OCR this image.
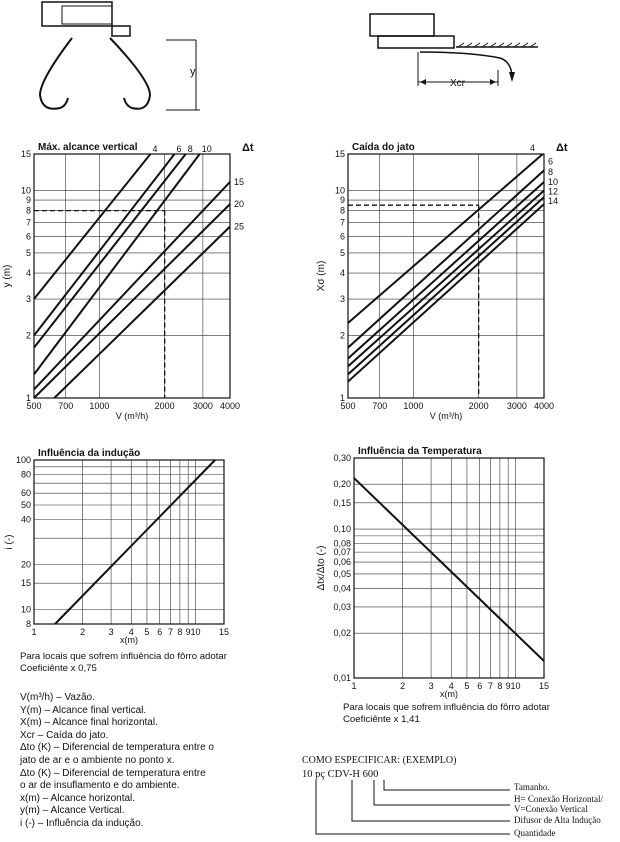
y
Xcr
Máx. alcance vertical
500 700 1000	2000 3000 4000
1
2
3
4
5
6
7
8
9
10
15
V (m³/h)
y (m)
4 6 8 10
15
20
25
Δt	Caída do jato
500 700 1000	2000 3000 4000
1
2
3
4
5
6
7
8
9
10
15
V (m³/h)
Xσ (m)
4
6
8
10
12
14
Δt
Influência da indução
1	2	3 4 5 6 7 8 9 10 15
8
10
15
20
40
50
60
80
100
x(m)
i (-)
Influência da Temperatura
1	2	3 4 5 6 7 8 9 10 15
0,01
0,02
0,03
0,04
0,05
0,06
0,07
0,08
0,10
0,15
0,20
0,30
x(m)
Δtx/Δto (-)
Para locais que sofrem influência do fôrro adotar
Coeficiênte x 0,75
Para locais que sofrem influência do fôrro adotar
Coeficiênte x 1,41
V(m³/h) ‒ Vazão.
Y(m) ‒ Alcance final vertical.
X(m) ‒ Alcance final horizontal.
Xcr ‒ Caída do jato.
Δto (K) ‒ Diferencial de temperatura entre o
jato de ar e o ambiente no ponto x.
Δto (K) ‒ Diferencial de temperatura entre
o ar de insuflamento e do ambiente.
x(m) ‒ Alcance horizontal.
y(m) ‒ Alcance Vertical.
i (-) ‒ Influência da indução.
COMO ESPECIFICAR: (EXEMPLO)
10 pç CDV-H 600
Tamanho.
H= Conexão Horizontal/
V=Conexão Vertical
Difusor de Alta Indução
Quantidade
